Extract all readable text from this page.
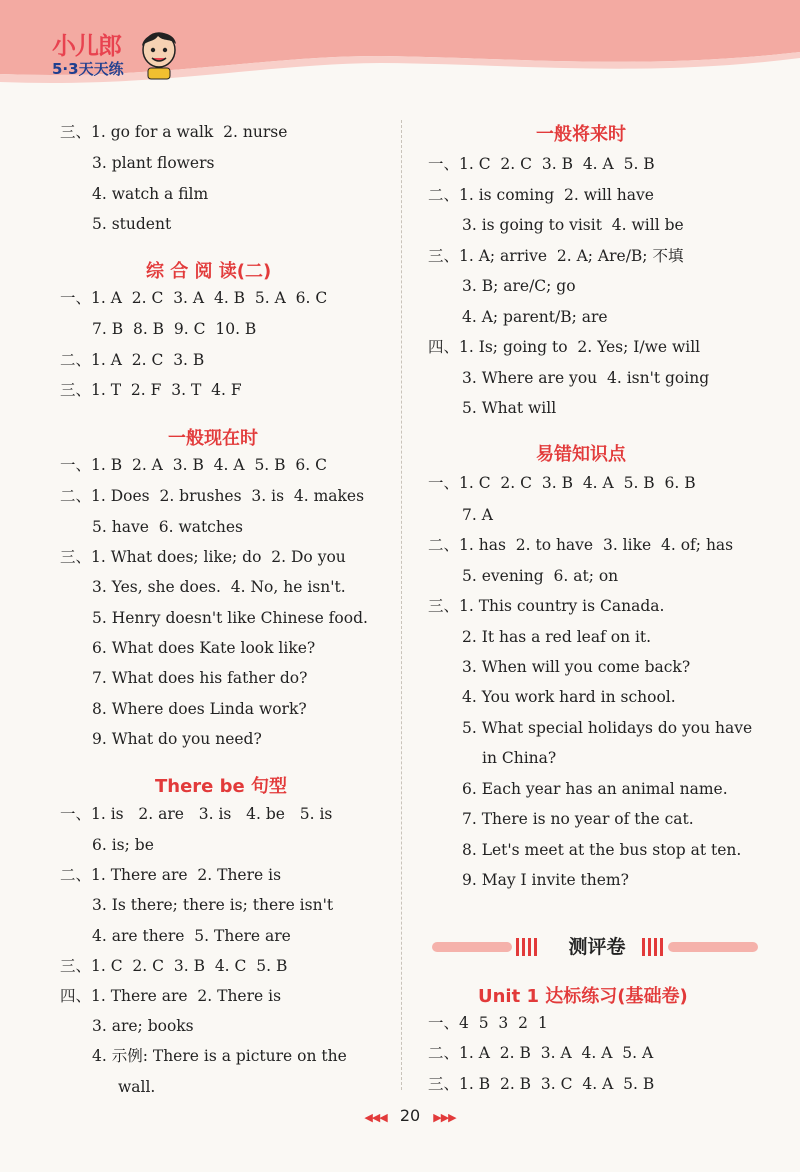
小儿郎
5·3天天练
综 合 阅 读(二)
一般现在时
There be 句型
三、1. go for a walk  2. nurse
3. plant flowers
4. watch a film
5. student
一、1. A  2. C  3. A  4. B  5. A  6. C
7. B  8. B  9. C  10. B
二、1. A  2. C  3. B
三、1. T  2. F  3. T  4. F
一、1. B  2. A  3. B  4. A  5. B  6. C
二、1. Does  2. brushes  3. is  4. makes
5. have  6. watches
三、1. What does; like; do  2. Do you
3. Yes, she does.  4. No, he isn't.
5. Henry doesn't like Chinese food.
6. What does Kate look like?
7. What does his father do?
8. Where does Linda work?
9. What do you need?
一、1. is   2. are   3. is   4. be   5. is
6. is; be
二、1. There are  2. There is
3. Is there; there is; there isn't
4. are there  5. There are
三、1. C  2. C  3. B  4. C  5. B
四、1. There are  2. There is
3. are; books
4. 示例: There is a picture on the
wall.
一般将来时
易错知识点
Unit 1 达标练习(基础卷)
一、1. C  2. C  3. B  4. A  5. B
二、1. is coming  2. will have
3. is going to visit  4. will be
三、1. A; arrive  2. A; Are/B; 不填
3. B; are/C; go
4. A; parent/B; are
四、1. Is; going to  2. Yes; I/we will
3. Where are you  4. isn't going
5. What will
一、1. C  2. C  3. B  4. A  5. B  6. B
7. A
二、1. has  2. to have  3. like  4. of; has
5. evening  6. at; on
三、1. This country is Canada.
2. It has a red leaf on it.
3. When will you come back?
4. You work hard in school.
5. What special holidays do you have
in China?
6. Each year has an animal name.
7. There is no year of the cat.
8. Let's meet at the bus stop at ten.
9. May I invite them?
一、4  5  3  2  1
二、1. A  2. B  3. A  4. A  5. A
三、1. B  2. B  3. C  4. A  5. B
测评卷
◀◀◀ 20 ▶▶▶
